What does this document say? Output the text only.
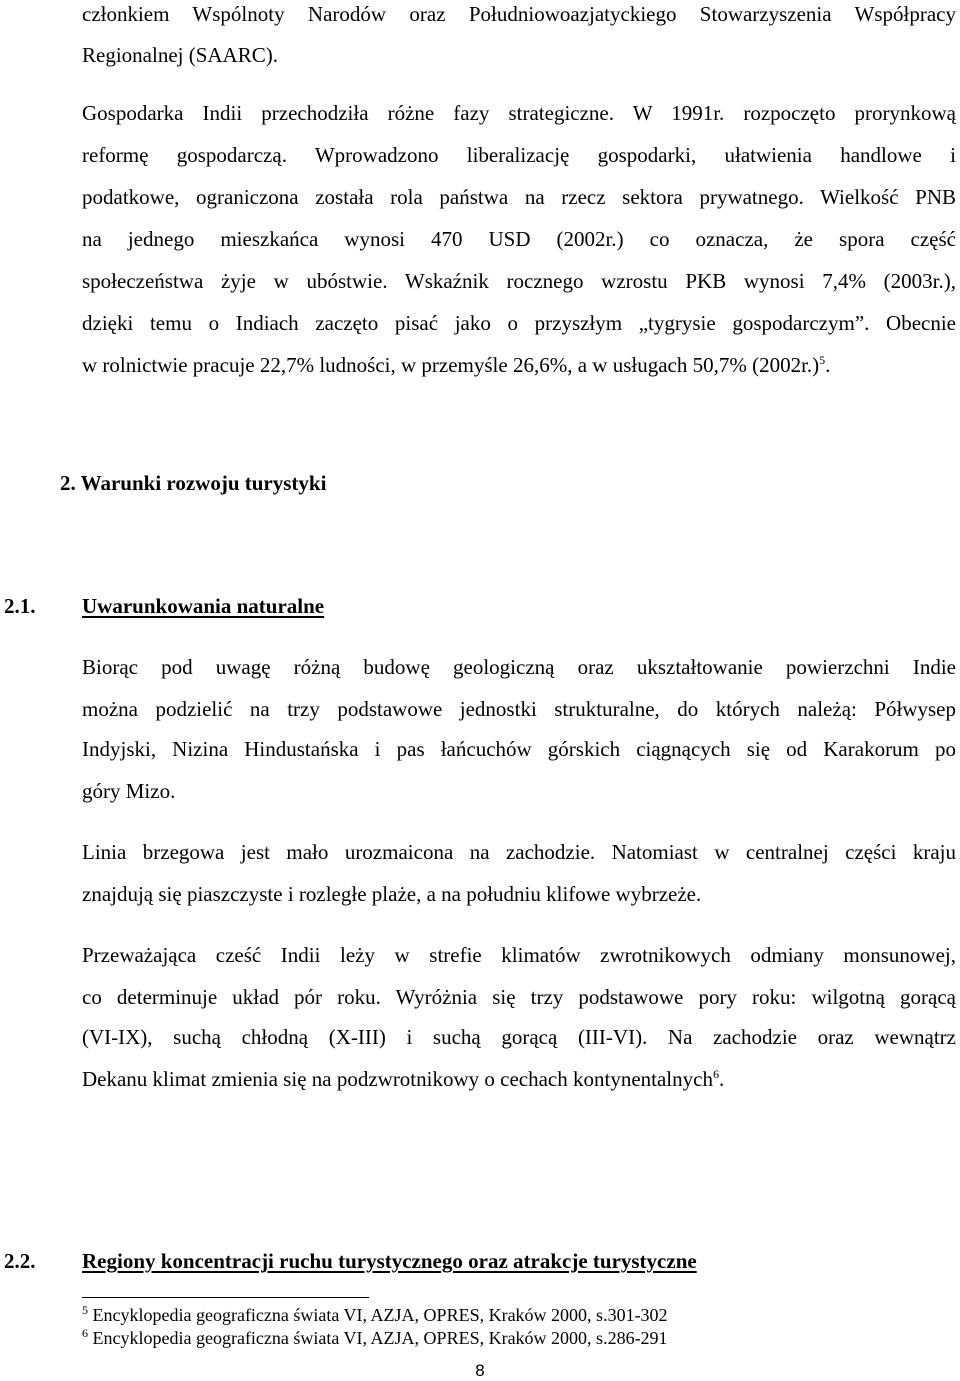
członkiem Wspólnoty Narodów oraz Południowoazjatyckiego Stowarzyszenia Współpracy
Regionalnej (SAARC).
Gospodarka Indii przechodziła różne fazy strategiczne. W 1991r. rozpoczęto prorynkową
reformę gospodarczą. Wprowadzono liberalizację gospodarki, ułatwienia handlowe i
podatkowe, ograniczona została rola państwa na rzecz sektora prywatnego. Wielkość PNB
na jednego mieszkańca wynosi 470 USD (2002r.) co oznacza, że spora część
społeczeństwa żyje w ubóstwie. Wskaźnik rocznego wzrostu PKB wynosi 7,4% (2003r.),
dzięki temu o Indiach zaczęto pisać jako o przyszłym „tygrysie gospodarczym”. Obecnie
w rolnictwie pracuje 22,7% ludności, w przemyśle 26,6%, a w usługach 50,7% $(2002r.)^5$.
2. Warunki rozwoju turystyki
2.1. Uwarunkowania naturalne
Biorąc pod uwagę różną budowę geologiczną oraz ukształtowanie powierzchni Indie
można podzielić na trzy podstawowe jednostki strukturalne, do których należą: Półwysep
Indyjski, Nizina Hindustańska i pas łańcuchów górskich ciągnących się od Karakorum po
góry Mizo.
Linia brzegowa jest mało urozmaicona na zachodzie. Natomiast w centralnej części kraju
znajdują się piaszczyste i rozległe plaże, a na południu klifowe wybrzeże.
Przeważająca cześć Indii leży w strefie klimatów zwrotnikowych odmiany monsunowej,
co determinuje układ pór roku. Wyróżnia się trzy podstawowe pory roku: wilgotną gorącą
(VI-IX), suchą chłodną (X-III) i suchą gorącą (III-VI). Na zachodzie oraz wewnątrz
Dekanu klimat zmienia się na podzwrotnikowy o cechach kontynentalnych$^6$.
2.2. Regiony koncentracji ruchu turystycznego oraz atrakcje turystyczne
$^5$ Encyklopedia geograficzna świata VI, AZJA, OPRES, Kraków 2000, s.301-302
$^6$ Encyklopedia geograficzna świata VI, AZJA, OPRES, Kraków 2000, s.286-291
8
